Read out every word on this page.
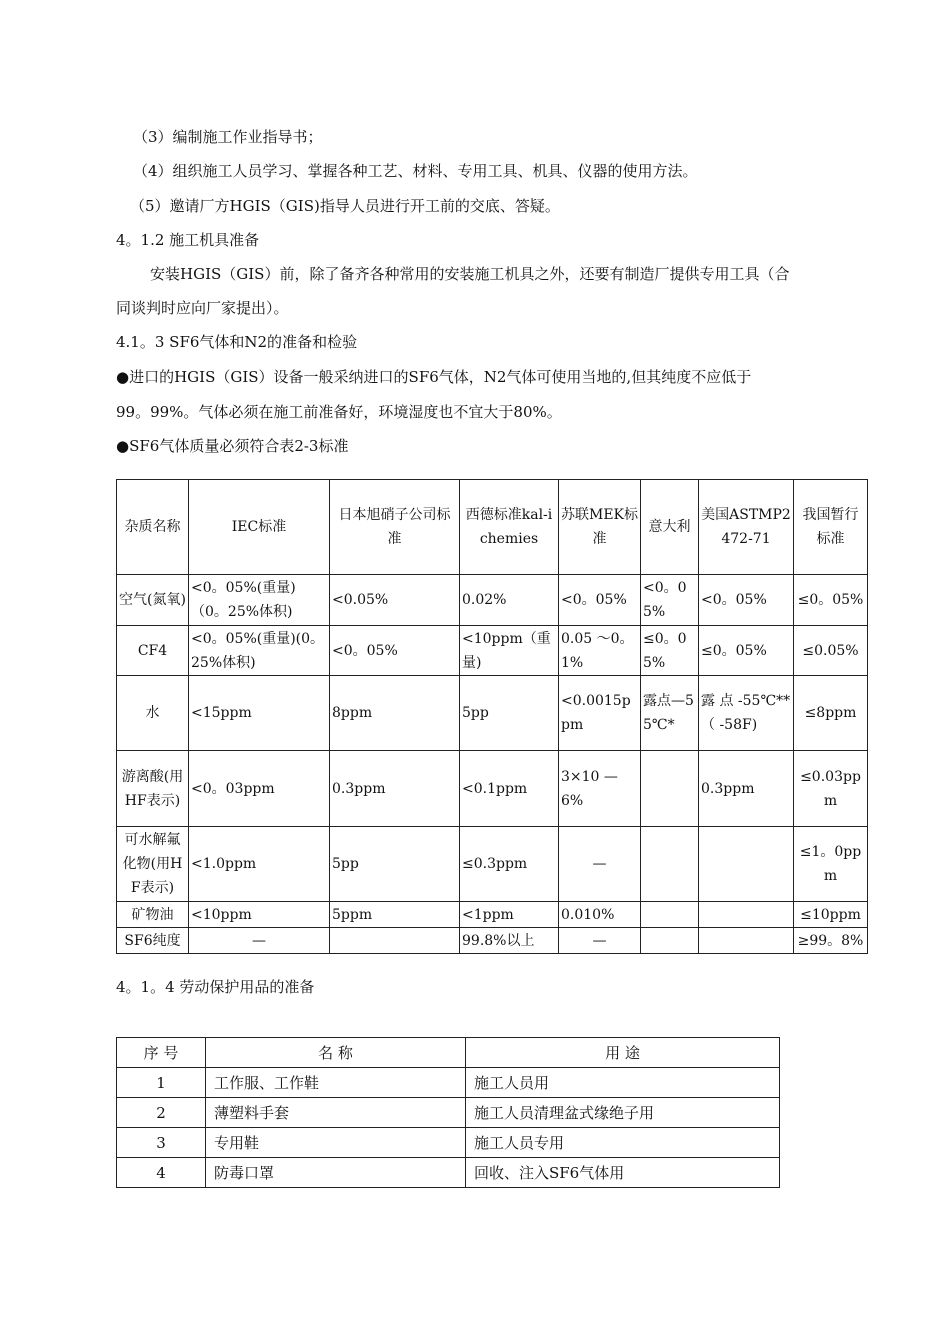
（3）编制施工作业指导书；
（4）组织施工人员学习、掌握各种工艺、材料、专用工具、机具、仪器的使用方法。
（5）邀请厂方HGIS（GIS)指导人员进行开工前的交底、答疑。
4。1.2 施工机具准备
安装HGIS（GIS）前，除了备齐各种常用的安装施工机具之外，还要有制造厂提供专用工具（合
同谈判时应向厂家提出）。
4.1。3 SF6气体和N2的准备和检验
●进口的HGIS（GIS）设备一般采纳进口的SF6气体，N2气体可使用当地的,但其纯度不应低于
99。99%。气体必须在施工前准备好，环境湿度也不宜大于80%。
●SF6气体质量必须符合表2-3标准
杂质名称	IEC标准	日本旭硝子公司标准	西德标准kal-ichemies	苏联MEK标准	意大利	美国ASTMP2472-71	我国暂行标准
空气(氮氧)	<0。05%(重量)（0。25%体积)	<0.05%	0.02%	<0。05%	<0。05%	<0。05%	≤0。05%
CF4	<0。05%(重量)(0。25%体积)	<0。05%	<10ppm（重量)	0.05 ～0。1%	≤0。05%	≤0。05%	≤0.05%
水	<15ppm	8ppm	5pp	<0.0015ppm	露点—55℃*	露 点 -55℃** （ -58F)	≤8ppm
游离酸(用HF表示)	<0。03ppm	0.3ppm	<0.1ppm	3×10 —6%		0.3ppm	≤0.03ppm
可水解氟化物(用HF表示)	<1.0ppm	5pp	≤0.3ppm	—			≤1。0ppm
矿物油	<10ppm	5ppm	<1ppm	0.010%			≤10ppm
SF6纯度	—		99.8%以上	—			≥99。8%
4。1。4 劳动保护用品的准备
序 号	名 称	用 途
1	工作服、工作鞋	施工人员用
2	薄塑料手套	施工人员清理盆式缘绝子用
3	专用鞋	施工人员专用
4	防毒口罩	回收、注入SF6气体用
